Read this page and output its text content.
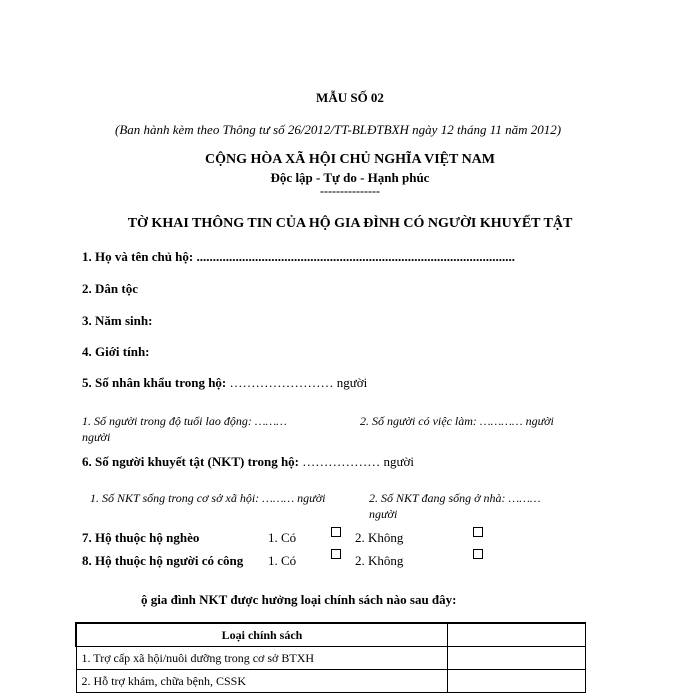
MẪU SỐ 02
(Ban hành kèm theo Thông tư số 26/2012/TT-BLĐTBXH ngày 12 tháng 11 năm 2012)
CỘNG HÒA XÃ HỘI CHỦ NGHĨA VIỆT NAM
Độc lập - Tự do - Hạnh phúc
---------------
TỜ KHAI THÔNG TIN CỦA HỘ GIA ĐÌNH CÓ NGƯỜI KHUYẾT TẬT
1. Họ và tên chủ hộ: ..................................................................................................
2. Dân tộc
3. Năm sinh:
4. Giới tính:
5. Số nhân khẩu trong hộ: …………………… người
1. Số người trong độ tuổi lao động: ………	2. Số người có việc làm: ………… người
người
6. Số người khuyết tật (NKT) trong hộ: ……………… người
1. Số NKT sống trong cơ sở xã hội: ……… người	2. Số NKT đang sống ở nhà: ………
người
7. Hộ thuộc hộ nghèo	1. Có	2. Không
8. Hộ thuộc hộ người có công 1. Có	2. Không
ộ gia đình NKT được hưởng loại chính sách nào sau đây:
Loại chính sách	
1. Trợ cấp xã hội/nuôi dưỡng trong cơ sở BTXH	
2. Hỗ trợ khám, chữa bệnh, CSSK	
